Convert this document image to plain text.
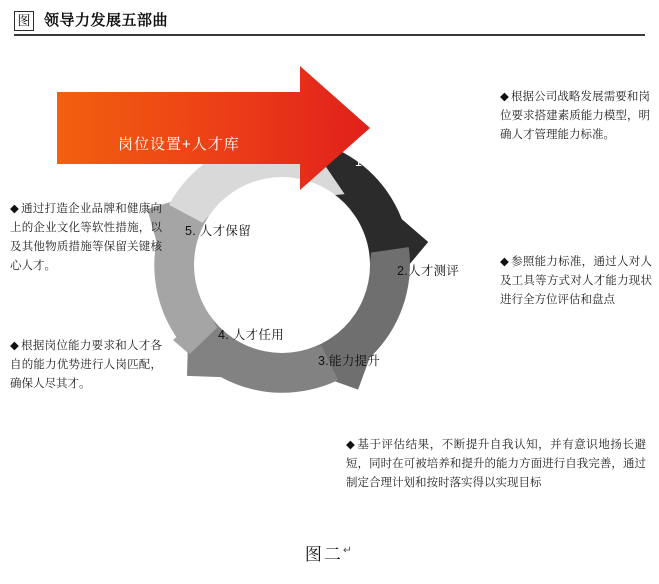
图 领导力发展五部曲
岗位设置+人才库
1.标准制定
2.人才测评
3.能力提升
4. 人才任用
5. 人才保留
◆ 根据公司战略发展需要和岗位要求搭建素质能力模型，明确人才管理能力标准。
◆ 参照能力标准，通过人对人及工具等方式对人才能力现状进行全方位评估和盘点
◆ 基于评估结果，不断提升自我认知，并有意识地扬长避短，同时在可被培养和提升的能力方面进行自我完善，通过制定合理计划和按时落实得以实现目标
◆ 根据岗位能力要求和人才各自的能力优势进行人岗匹配，确保人尽其才。
◆ 通过打造企业品牌和健康向上的企业文化等软性措施，以及其他物质措施等保留关键核心人才。
图二↵
